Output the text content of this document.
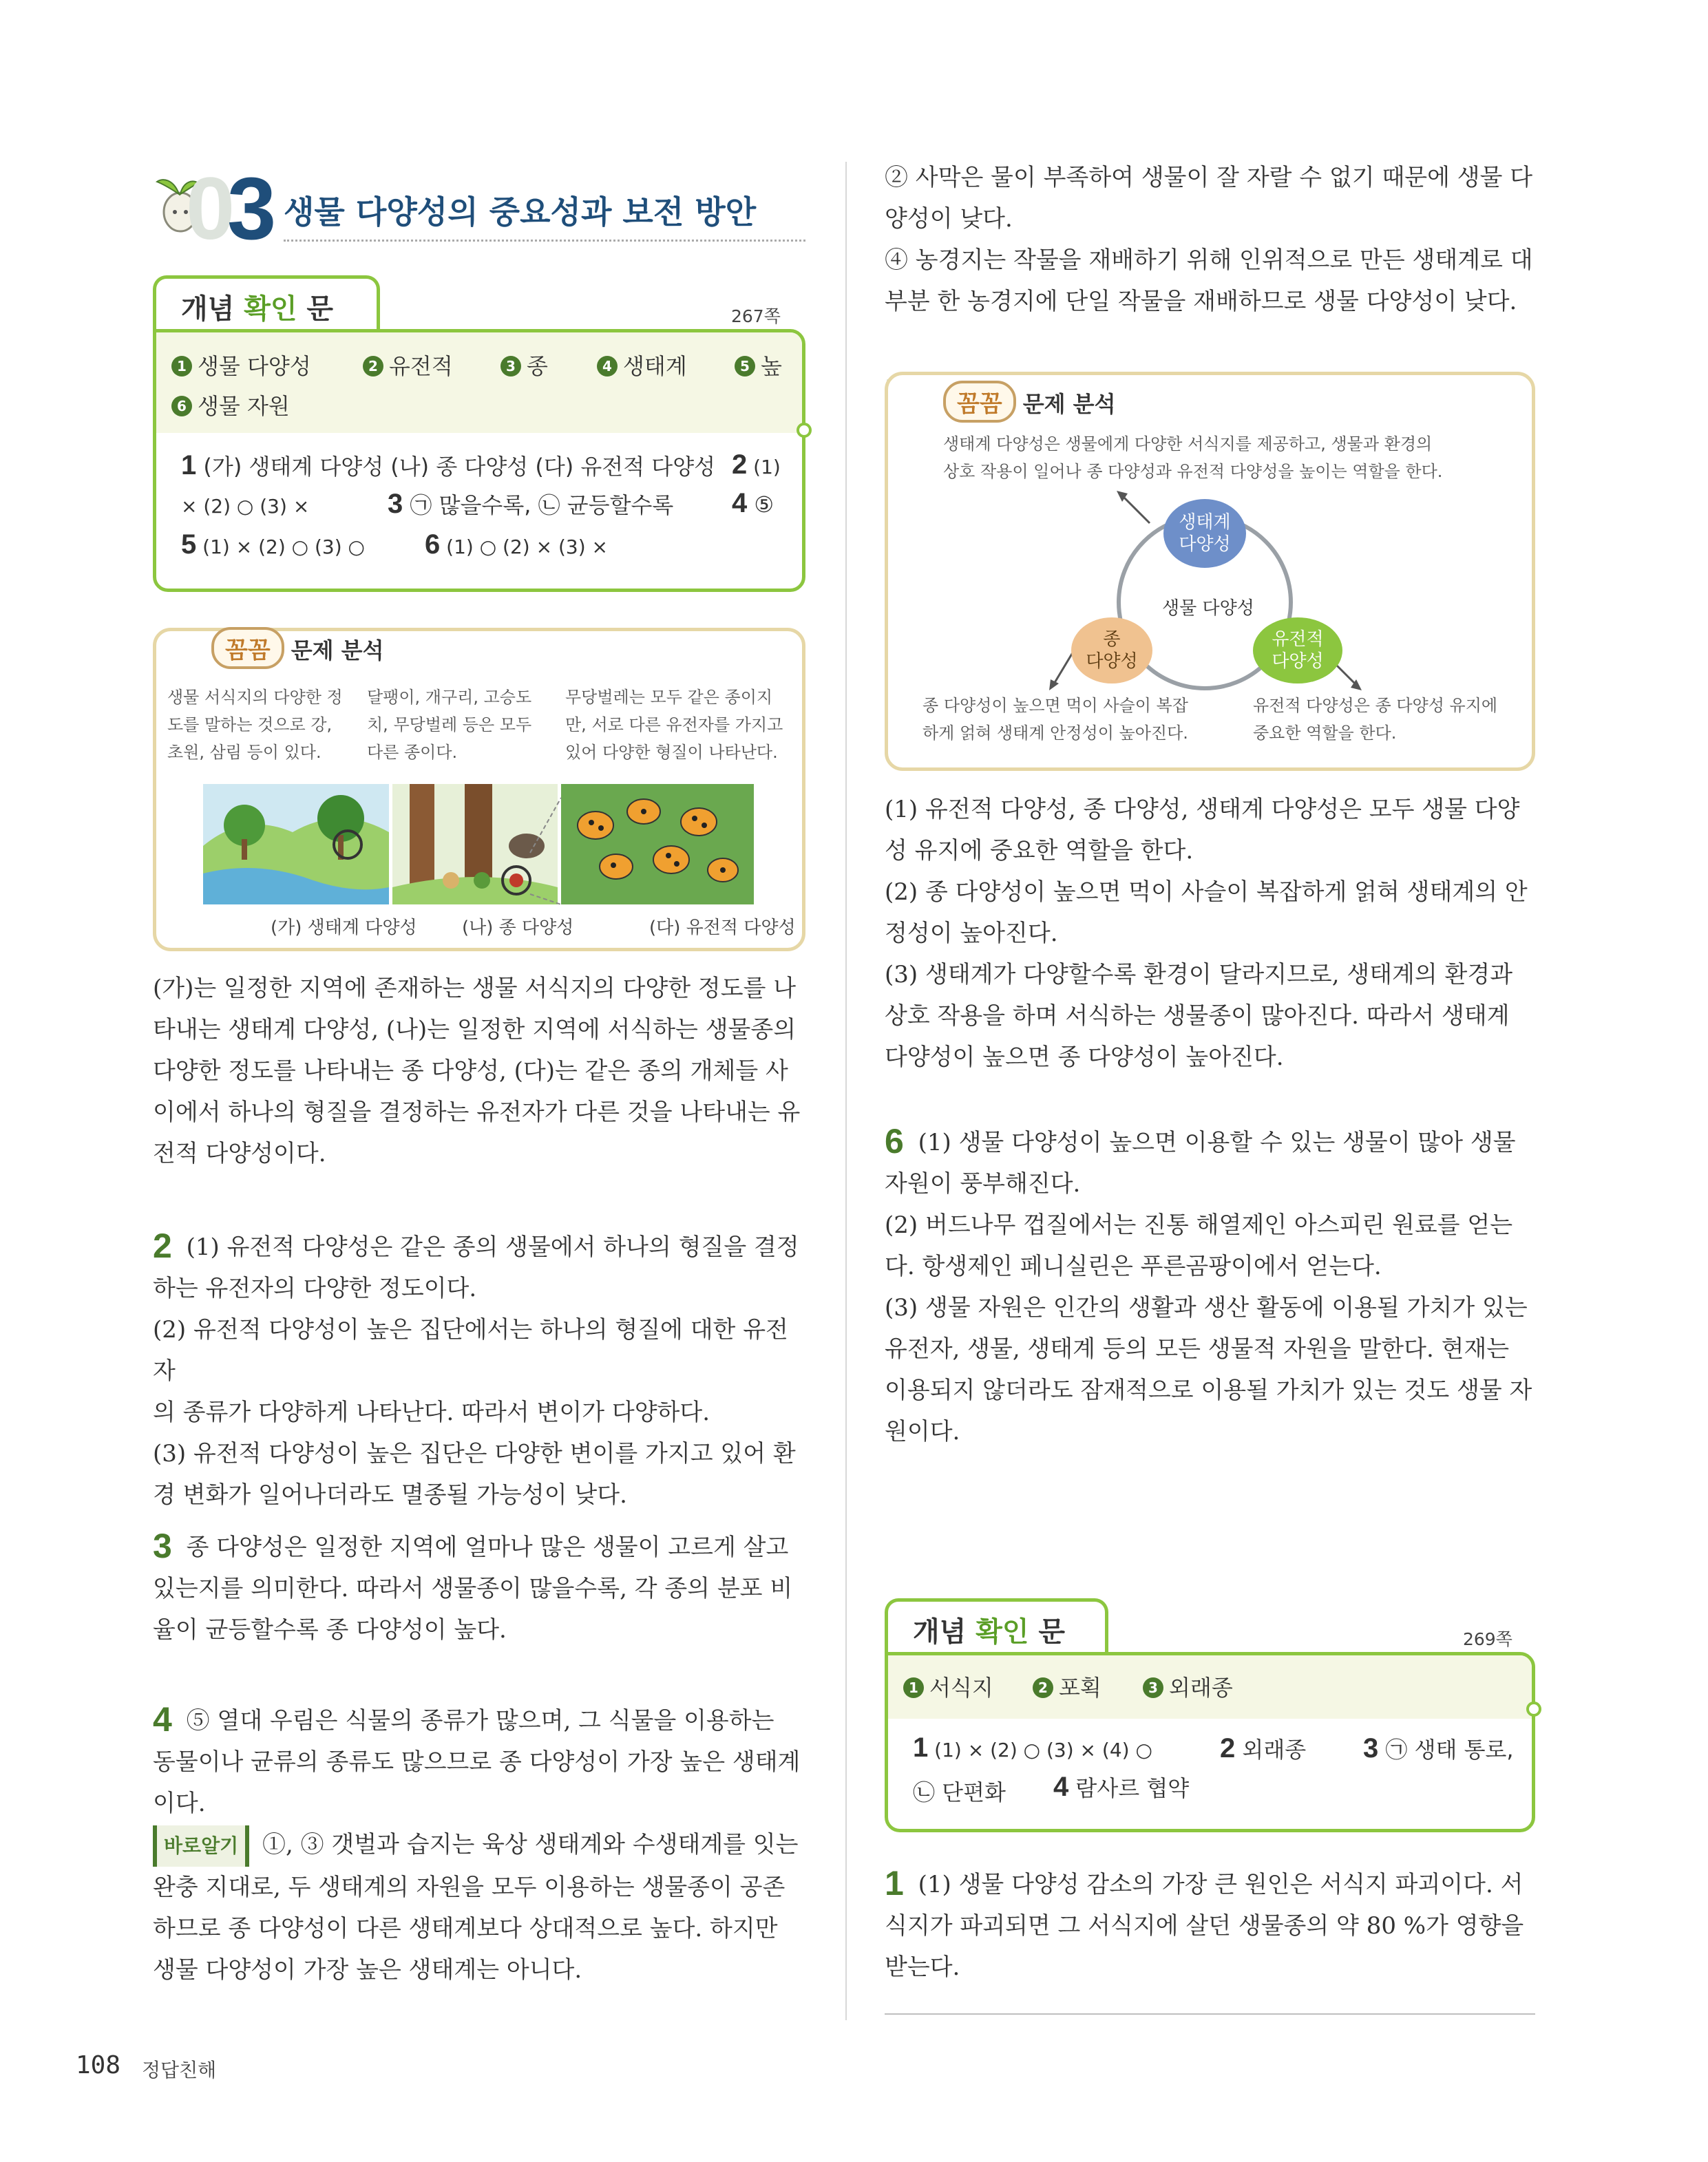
0
3 생물 다양성의 중요성과 보전 방안
개념 확인 문	267쪽
1 생물 다양성	2 유전적	3 종	4 생태계	5 높
6 생물 자원
1 (가) 생태계 다양성 (나) 종 다양성 (다) 유전적 다양성 2 (1)
× (2) ○ (3) ×	3 ㉠ 많을수록, ㉡ 균등할수록 4 ⑤
5 (1) × (2) ○ (3) ○ 6 (1) ○ (2) × (3) ×
꼼꼼 문제 분석
생물 서식지의 다양한 정
도를 말하는 것으로 강,
초원, 삼림 등이 있다.
달팽이, 개구리, 고승도
치, 무당벌레 등은 모두
다른 종이다.
무당벌레는 모두 같은 종이지
만, 서로 다른 유전자를 가지고
있어 다양한 형질이 나타난다.
(가) 생태계 다양성	(나) 종 다양성	(다) 유전적 다양성
(가)는 일정한 지역에 존재하는 생물 서식지의 다양한 정도를 나
타내는 생태계 다양성, (나)는 일정한 지역에 서식하는 생물종의
다양한 정도를 나타내는 종 다양성, (다)는 같은 종의 개체들 사
이에서 하나의 형질을 결정하는 유전자가 다른 것을 나타내는 유
전적 다양성이다.
2 (1) 유전적 다양성은 같은 종의 생물에서 하나의 형질을 결정
하는 유전자의 다양한 정도이다.
(2) 유전적 다양성이 높은 집단에서는 하나의 형질에 대한 유전자
의 종류가 다양하게 나타난다. 따라서 변이가 다양하다.
(3) 유전적 다양성이 높은 집단은 다양한 변이를 가지고 있어 환
경 변화가 일어나더라도 멸종될 가능성이 낮다.
3 종 다양성은 일정한 지역에 얼마나 많은 생물이 고르게 살고
있는지를 의미한다. 따라서 생물종이 많을수록, 각 종의 분포 비
율이 균등할수록 종 다양성이 높다.
4 ⑤ 열대 우림은 식물의 종류가 많으며, 그 식물을 이용하는
동물이나 균류의 종류도 많으므로 종 다양성이 가장 높은 생태계
이다.
바로알기 ①, ③ 갯벌과 습지는 육상 생태계와 수생태계를 잇는
완충 지대로, 두 생태계의 자원을 모두 이용하는 생물종이 공존
하므로 종 다양성이 다른 생태계보다 상대적으로 높다. 하지만
생물 다양성이 가장 높은 생태계는 아니다.
② 사막은 물이 부족하여 생물이 잘 자랄 수 없기 때문에 생물 다
양성이 낮다.
④ 농경지는 작물을 재배하기 위해 인위적으로 만든 생태계로 대
부분 한 농경지에 단일 작물을 재배하므로 생물 다양성이 낮다.
꼼꼼 문제 분석
생태계 다양성은 생물에게 다양한 서식지를 제공하고, 생물과 환경의
상호 작용이 일어나 종 다양성과 유전적 다양성을 높이는 역할을 한다.
생태계
다양성
생물 다양성
종
다양성
유전적
다양성
종 다양성이 높으면 먹이 사슬이 복잡
하게 얽혀 생태계 안정성이 높아진다.
유전적 다양성은 종 다양성 유지에
중요한 역할을 한다.
(1) 유전적 다양성, 종 다양성, 생태계 다양성은 모두 생물 다양
성 유지에 중요한 역할을 한다.
(2) 종 다양성이 높으면 먹이 사슬이 복잡하게 얽혀 생태계의 안
정성이 높아진다.
(3) 생태계가 다양할수록 환경이 달라지므로, 생태계의 환경과
상호 작용을 하며 서식하는 생물종이 많아진다. 따라서 생태계
다양성이 높으면 종 다양성이 높아진다.
6 (1) 생물 다양성이 높으면 이용할 수 있는 생물이 많아 생물
자원이 풍부해진다.
(2) 버드나무 껍질에서는 진통 해열제인 아스피린 원료를 얻는
다. 항생제인 페니실린은 푸른곰팡이에서 얻는다.
(3) 생물 자원은 인간의 생활과 생산 활동에 이용될 가치가 있는
유전자, 생물, 생태계 등의 모든 생물적 자원을 말한다. 현재는
이용되지 않더라도 잠재적으로 이용될 가치가 있는 것도 생물 자
원이다.
개념 확인 문	269쪽
1 서식지	2 포획	3 외래종
1 (1) × (2) ○ (3) × (4) ○ 2 외래종 3 ㉠ 생태 통로,
㉡ 단편화 4 람사르 협약
1 (1) 생물 다양성 감소의 가장 큰 원인은 서식지 파괴이다. 서
식지가 파괴되면 그 서식지에 살던 생물종의 약 80 %가 영향을
받는다.
108 정답친해
